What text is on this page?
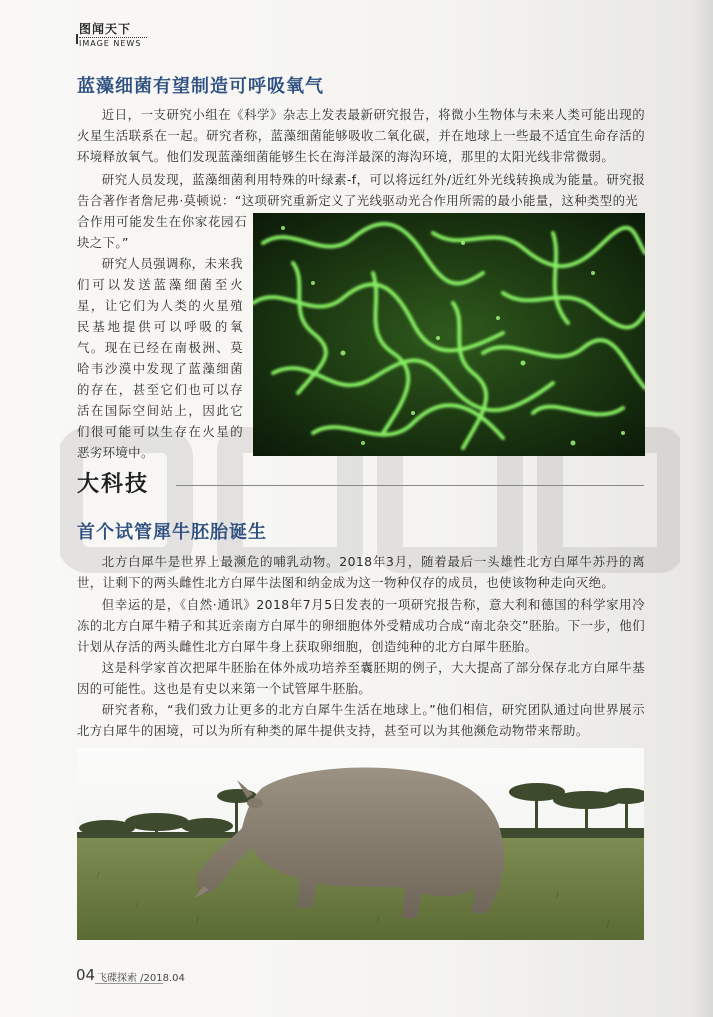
图闻天下
IMAGE NEWS
蓝藻细菌有望制造可呼吸氧气

近日，一支研究小组在《科学》杂志上发表最新研究报告，将微小生物体与未来人类可能出现的火星生活联系在一起。研究者称，蓝藻细菌能够吸收二氧化碳，并在地球上一些最不适宜生命存活的环境释放氧气。他们发现蓝藻细菌能够生长在海洋最深的海沟环境，那里的太阳光线非常微弱。

研究人员发现，蓝藻细菌利用特殊的叶绿素-f，可以将远红外/近红外光线转换成为能量。研究报告合著作者詹尼弗·莫顿说：“这项研究重新定义了光线驱动光合作用所需的最小能量，这种类型的光

合作用可能发生在你家花园石块之下。”

研究人员强调称，未来我们可以发送蓝藻细菌至火星，让它们为人类的火星殖民基地提供可以呼吸的氧气。现在已经在南极洲、莫哈韦沙漠中发现了蓝藻细菌的存在，甚至它们也可以存活在国际空间站上，因此它们很可能可以生存在火星的恶劣环境中。

大科技
首个试管犀牛胚胎诞生

北方白犀牛是世界上最濒危的哺乳动物。2018年3月，随着最后一头雄性北方白犀牛苏丹的离世，让剩下的两头雌性北方白犀牛法图和纳金成为这一物种仅存的成员，也使该物种走向灭绝。

但幸运的是，《自然·通讯》2018年7月5日发表的一项研究报告称，意大利和德国的科学家用冷冻的北方白犀牛精子和其近亲南方白犀牛的卵细胞体外受精成功合成“南北杂交”胚胎。下一步，他们计划从存活的两头雌性北方白犀牛身上获取卵细胞，创造纯种的北方白犀牛胚胎。

这是科学家首次把犀牛胚胎在体外成功培养至囊胚期的例子，大大提高了部分保存北方白犀牛基因的可能性。这也是有史以来第一个试管犀牛胚胎。

研究者称，“我们致力让更多的北方白犀牛生活在地球上。”他们相信，研究团队通过向世界展示北方白犀牛的困境，可以为所有种类的犀牛提供支持，甚至可以为其他濒危动物带来帮助。

04 飞碟探索 /2018.04
